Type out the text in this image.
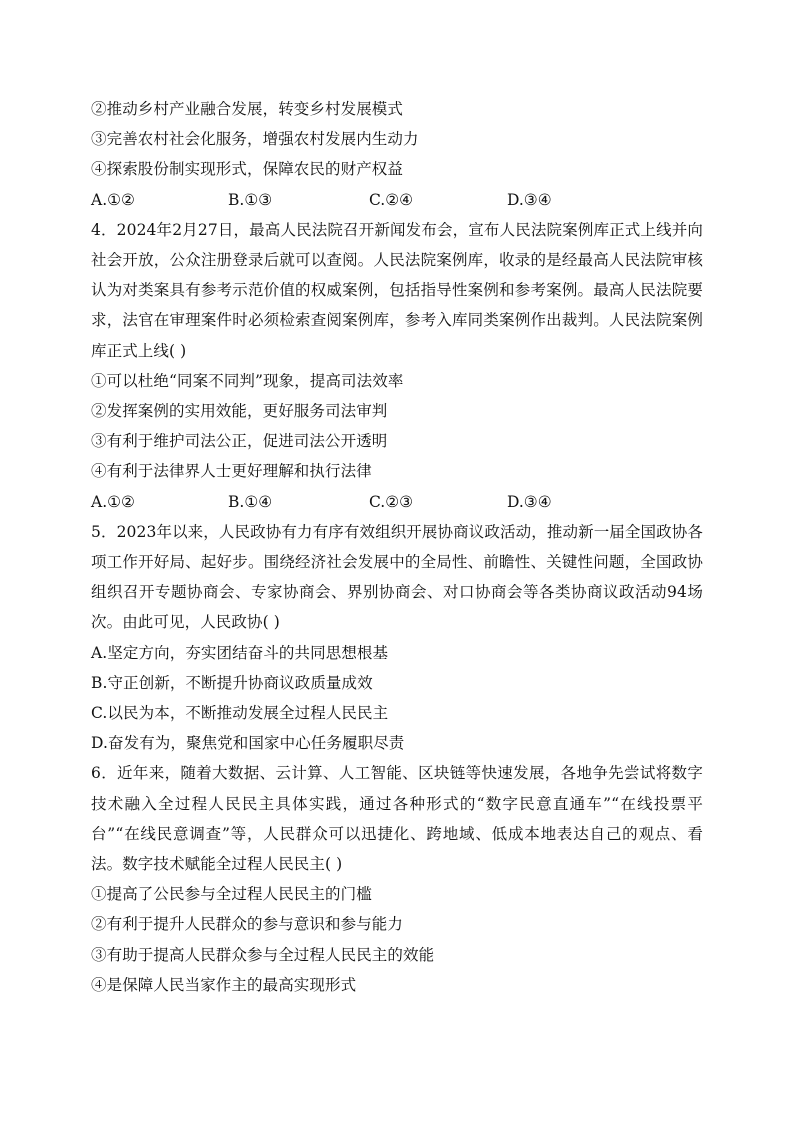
②推动乡村产业融合发展，转变乡村发展模式
③完善农村社会化服务，增强农村发展内生动力
④探索股份制实现形式，保障农民的财产权益
A.①②	B.①③	C.②④	D.③④
4．2024年2月27日，最高人民法院召开新闻发布会，宣布人民法院案例库正式上线并向社会开放，公众注册登录后就可以查阅。人民法院案例库，收录的是经最高人民法院审核认为对类案具有参考示范价值的权威案例，包括指导性案例和参考案例。最高人民法院要求，法官在审理案件时必须检索查阅案例库，参考入库同类案例作出裁判。人民法院案例库正式上线( )
①可以杜绝“同案不同判”现象，提高司法效率
②发挥案例的实用效能，更好服务司法审判
③有利于维护司法公正，促进司法公开透明
④有利于法律界人士更好理解和执行法律
A.①②	B.①④	C.②③	D.③④
5．2023年以来，人民政协有力有序有效组织开展协商议政活动，推动新一届全国政协各项工作开好局、起好步。围绕经济社会发展中的全局性、前瞻性、关键性问题，全国政协组织召开专题协商会、专家协商会、界别协商会、对口协商会等各类协商议政活动94场次。由此可见，人民政协( )
A.坚定方向，夯实团结奋斗的共同思想根基
B.守正创新，不断提升协商议政质量成效
C.以民为本，不断推动发展全过程人民民主
D.奋发有为，聚焦党和国家中心任务履职尽责
6．近年来，随着大数据、云计算、人工智能、区块链等快速发展，各地争先尝试将数字技术融入全过程人民民主具体实践，通过各种形式的“数字民意直通车”“在线投票平台”“在线民意调查”等，人民群众可以迅捷化、跨地域、低成本地表达自己的观点、看法。数字技术赋能全过程人民民主( )
①提高了公民参与全过程人民民主的门槛
②有利于提升人民群众的参与意识和参与能力
③有助于提高人民群众参与全过程人民民主的效能
④是保障人民当家作主的最高实现形式
